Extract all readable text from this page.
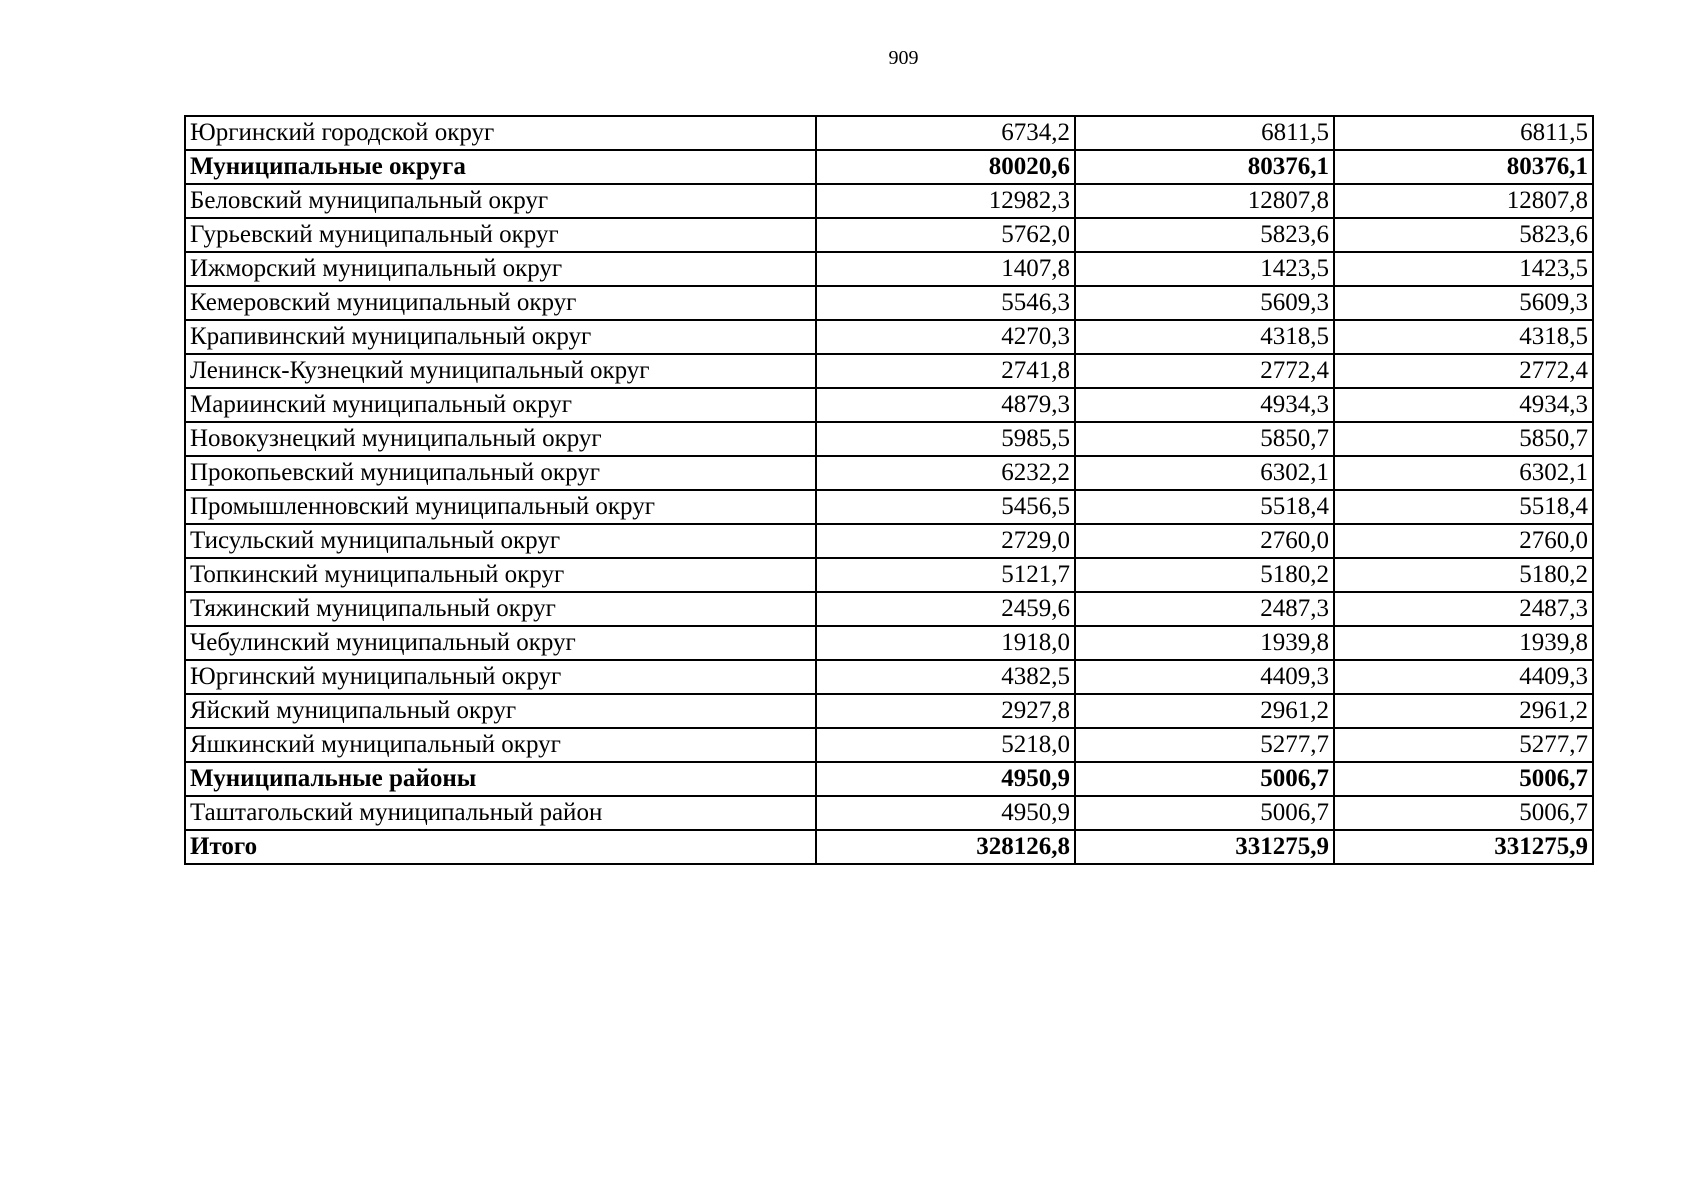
909
Юргинский городской округ	6734,2	6811,5	6811,5
Муниципальные округа	80020,6	80376,1	80376,1
Беловский муниципальный округ	12982,3	12807,8	12807,8
Гурьевский муниципальный округ	5762,0	5823,6	5823,6
Ижморский муниципальный округ	1407,8	1423,5	1423,5
Кемеровский муниципальный округ	5546,3	5609,3	5609,3
Крапивинский муниципальный округ	4270,3	4318,5	4318,5
Ленинск-Кузнецкий муниципальный округ	2741,8	2772,4	2772,4
Мариинский муниципальный округ	4879,3	4934,3	4934,3
Новокузнецкий муниципальный округ	5985,5	5850,7	5850,7
Прокопьевский муниципальный округ	6232,2	6302,1	6302,1
Промышленновский муниципальный округ	5456,5	5518,4	5518,4
Тисульский муниципальный округ	2729,0	2760,0	2760,0
Топкинский муниципальный округ	5121,7	5180,2	5180,2
Тяжинский муниципальный округ	2459,6	2487,3	2487,3
Чебулинский муниципальный округ	1918,0	1939,8	1939,8
Юргинский муниципальный округ	4382,5	4409,3	4409,3
Яйский муниципальный округ	2927,8	2961,2	2961,2
Яшкинский муниципальный округ	5218,0	5277,7	5277,7
Муниципальные районы	4950,9	5006,7	5006,7
Таштагольский муниципальный район	4950,9	5006,7	5006,7
Итого	328126,8	331275,9	331275,9
